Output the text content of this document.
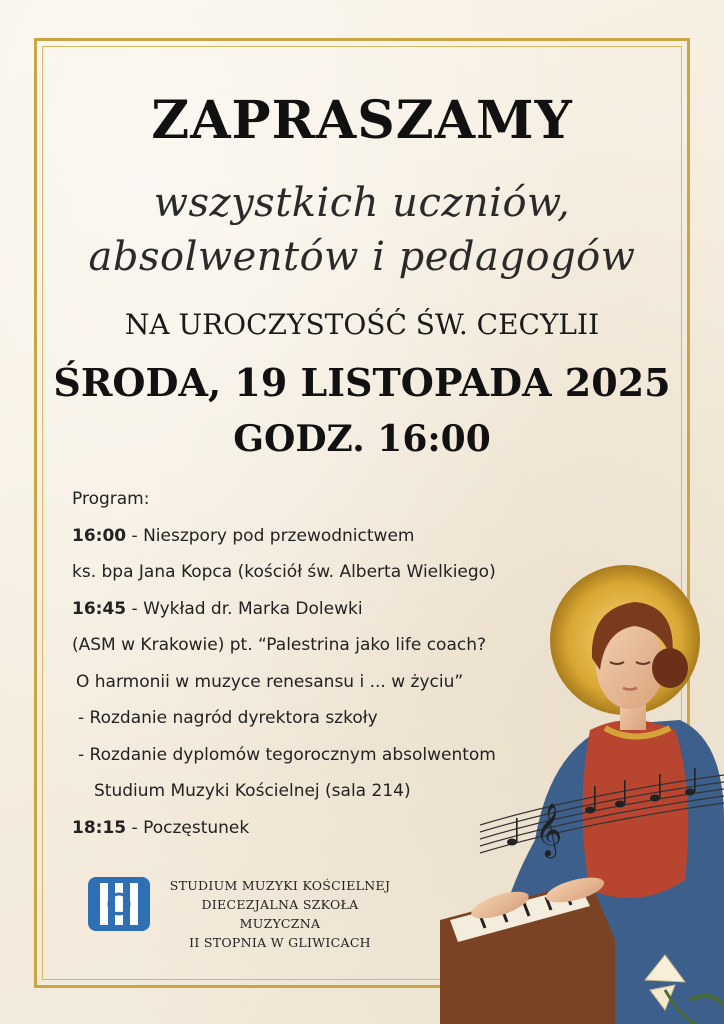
ZAPRASZAMY
wszystkich uczniów,
absolwentów i pedagogów
NA UROCZYSTOŚĆ ŚW. CECYLII
ŚRODA, 19 LISTOPADA 2025
GODZ. 16:00
Program:
16:00 - Nieszpory pod przewodnictwem
ks. bpa Jana Kopca (kościół św. Alberta Wielkiego)
16:45 - Wykład dr. Marka Dolewki
(ASM w Krakowie) pt. “Palestrina jako life coach?
O harmonii w muzyce renesansu i ... w życiu”
- Rozdanie nagród dyrektora szkoły
- Rozdanie dyplomów tegorocznym absolwentom
Studium Muzyki Kościelnej (sala 214)
18:15 - Poczęstunek
STUDIUM MUZYKI KOŚCIELNEJ
DIECEZJALNA SZKOŁA MUZYCZNA
II STOPNIA W GLIWICACH
𝄞
